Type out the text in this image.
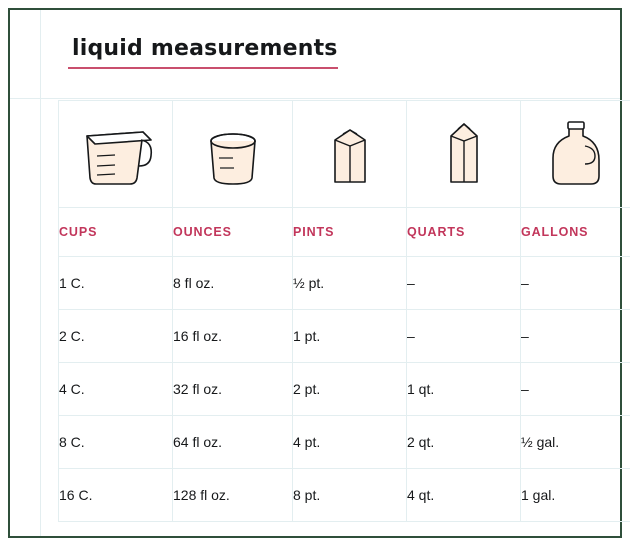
liquid measurements

CUPS	OUNCES	PINTS	QUARTS	GALLONS
1 C.	8 fl oz.	½ pt.	–	–
2 C.	16 fl oz.	1 pt.	–	–
4 C.	32 fl oz.	2 pt.	1 qt.	–
8 C.	64 fl oz.	4 pt.	2 qt.	½ gal.
16 C.	128 fl oz.	8 pt.	4 qt.	1 gal.
